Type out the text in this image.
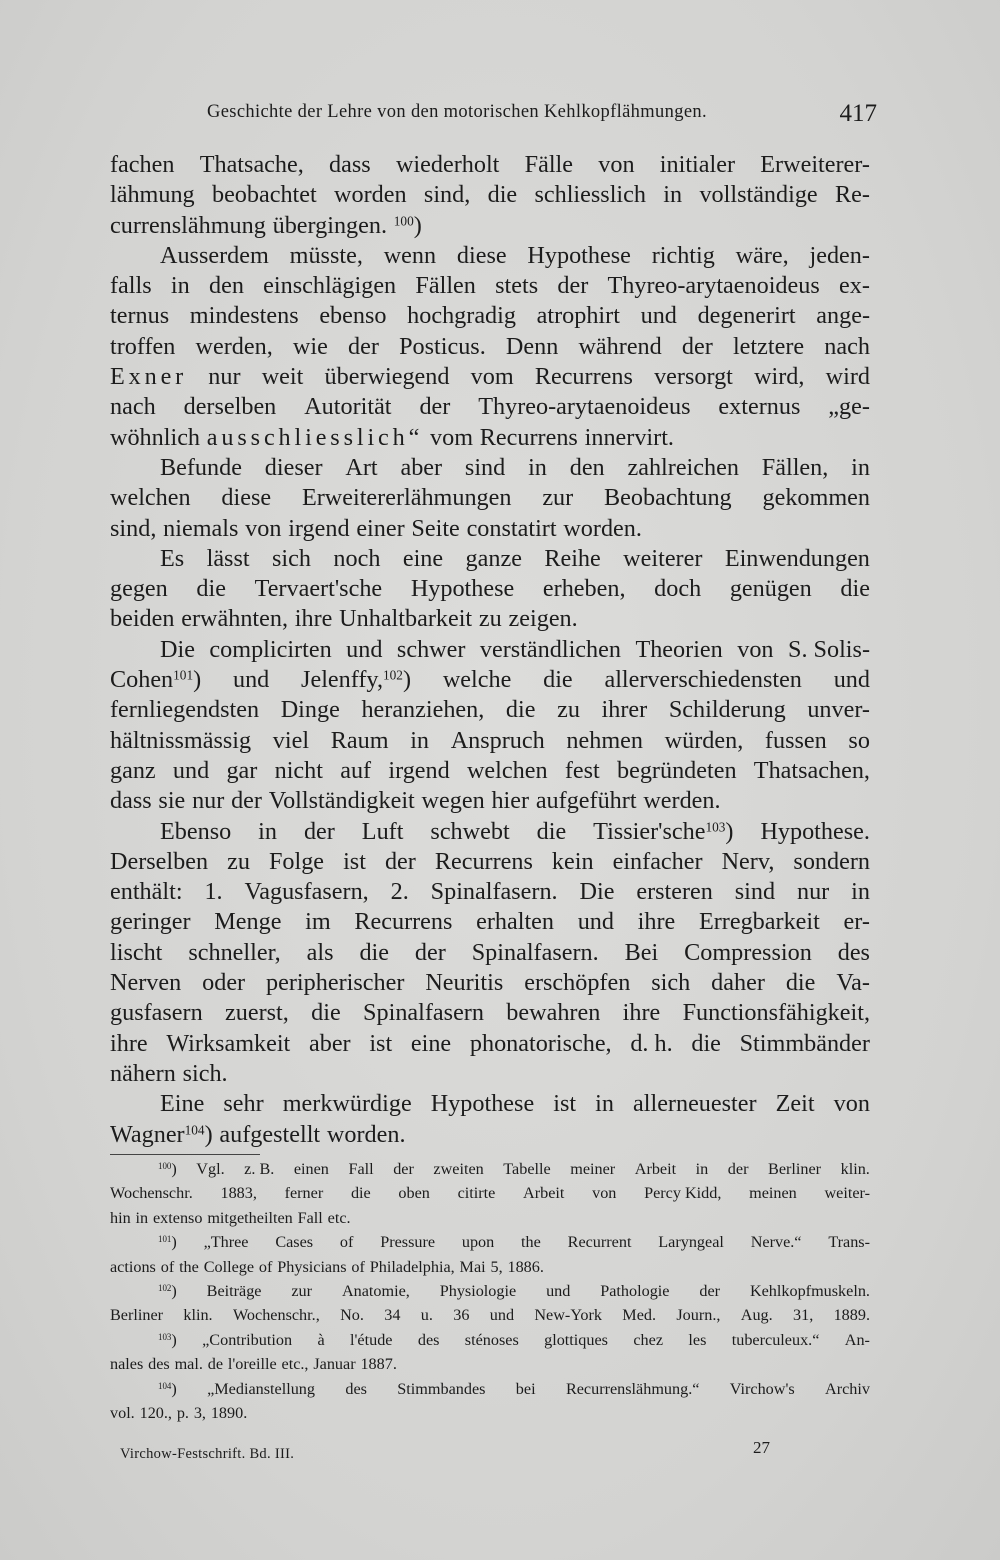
Geschichte der Lehre von den motorischen Kehlkopflähmungen.	417
fachen Thatsache, dass wiederholt Fälle von initialer Erweiterer-
lähmung beobachtet worden sind, die schliesslich in vollständige Re-
currenslähmung übergingen. $^{100}$)
Ausserdem müsste, wenn diese Hypothese richtig wäre, jeden-
falls in den einschlägigen Fällen stets der Thyreo-arytaenoideus ex-
ternus mindestens ebenso hochgradig atrophirt und degenerirt ange-
troffen werden, wie der Posticus. Denn während der letztere nach
Exner nur weit überwiegend vom Recurrens versorgt wird, wird
nach derselben Autorität der Thyreo-arytaenoideus externus „ge-
wöhnlich ausschliesslich“ vom Recurrens innervirt.
Befunde dieser Art aber sind in den zahlreichen Fällen, in
welchen diese Erweitererlähmungen zur Beobachtung gekommen
sind, niemals von irgend einer Seite constatirt worden.
Es lässt sich noch eine ganze Reihe weiterer Einwendungen
gegen die Tervaert'sche Hypothese erheben, doch genügen die
beiden erwähnten, ihre Unhaltbarkeit zu zeigen.
Die complicirten und schwer verständlichen Theorien von S. Solis-
Cohen$^{101}$) und Jelenffy,$^{102}$) welche die allerverschiedensten und
fernliegendsten Dinge heranziehen, die zu ihrer Schilderung unver-
hältnissmässig viel Raum in Anspruch nehmen würden, fussen so
ganz und gar nicht auf irgend welchen fest begründeten Thatsachen,
dass sie nur der Vollständigkeit wegen hier aufgeführt werden.
Ebenso in der Luft schwebt die Tissier'sche$^{103}$) Hypothese.
Derselben zu Folge ist der Recurrens kein einfacher Nerv, sondern
enthält: 1. Vagusfasern, 2. Spinalfasern. Die ersteren sind nur in
geringer Menge im Recurrens erhalten und ihre Erregbarkeit er-
lischt schneller, als die der Spinalfasern. Bei Compression des
Nerven oder peripherischer Neuritis erschöpfen sich daher die Va-
gusfasern zuerst, die Spinalfasern bewahren ihre Functionsfähigkeit,
ihre Wirksamkeit aber ist eine phonatorische, d. h. die Stimmbänder
nähern sich.
Eine sehr merkwürdige Hypothese ist in allerneuester Zeit von
Wagner$^{104}$) aufgestellt worden.
$^{100}$) Vgl. z. B. einen Fall der zweiten Tabelle meiner Arbeit in der Berliner klin.
Wochenschr. 1883, ferner die oben citirte Arbeit von Percy Kidd, meinen weiter-
hin in extenso mitgetheilten Fall etc.
$^{101}$) „Three Cases of Pressure upon the Recurrent Laryngeal Nerve.“ Trans-
actions of the College of Physicians of Philadelphia, Mai 5, 1886.
$^{102}$) Beiträge zur Anatomie, Physiologie und Pathologie der Kehlkopfmuskeln.
Berliner klin. Wochenschr., No. 34 u. 36 und New-York Med. Journ., Aug. 31, 1889.
$^{103}$) „Contribution à l'étude des sténoses glottiques chez les tuberculeux.“ An-
nales des mal. de l'oreille etc., Januar 1887.
$^{104}$) „Medianstellung des Stimmbandes bei Recurrenslähmung.“ Virchow's Archiv
vol. 120., p. 3, 1890.
Virchow-Festschrift. Bd. III.	27
